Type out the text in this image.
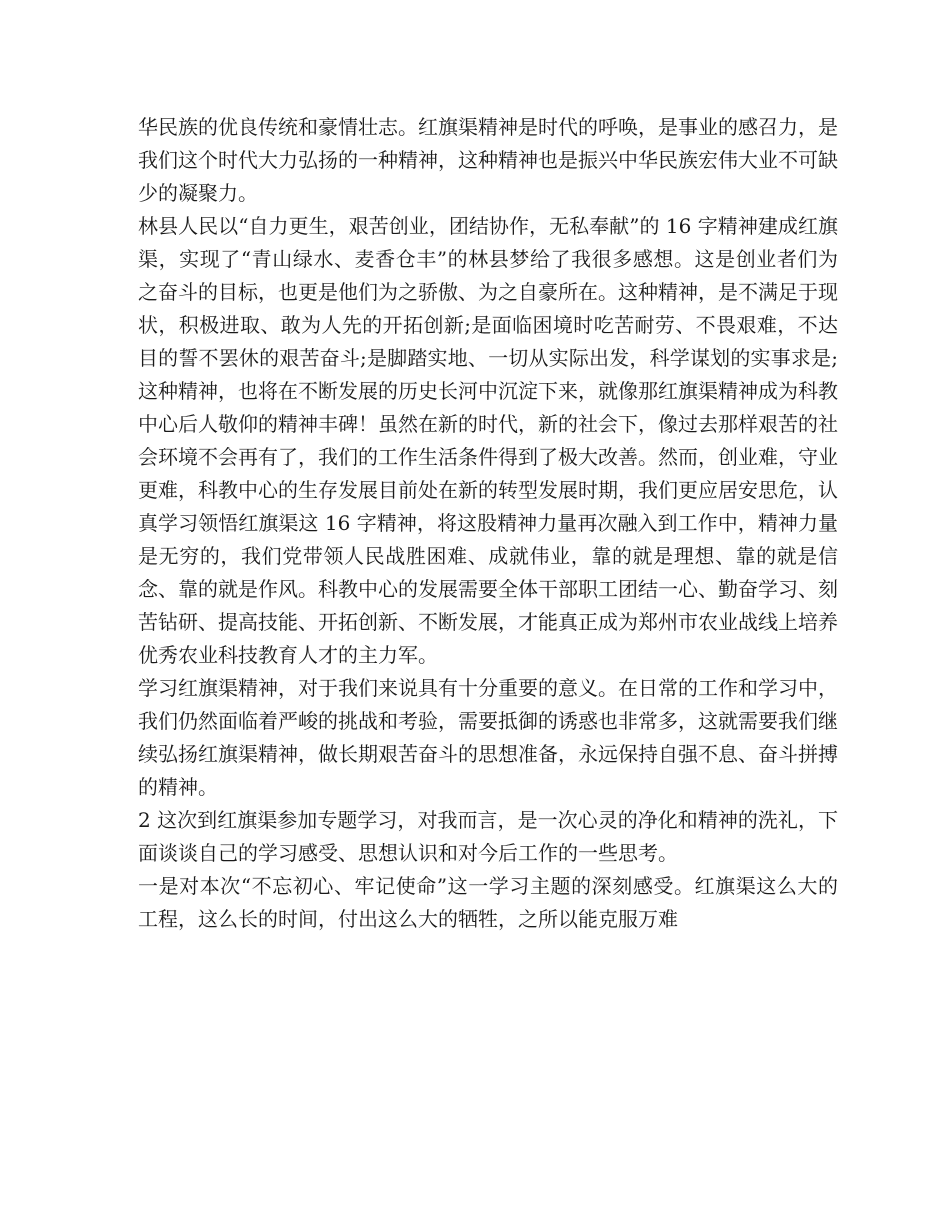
华民族的优良传统和豪情壮志。红旗渠精神是时代的呼唤，是事业的感召力，是我们这个时代大力弘扬的一种精神，这种精神也是振兴中华民族宏伟大业不可缺少的凝聚力。

林县人民以“自力更生，艰苦创业，团结协作，无私奉献”的 16 字精神建成红旗渠，实现了“青山绿水、麦香仓丰”的林县梦给了我很多感想。这是创业者们为之奋斗的目标，也更是他们为之骄傲、为之自豪所在。这种精神，是不满足于现状，积极进取、敢为人先的开拓创新;是面临困境时吃苦耐劳、不畏艰难，不达目的誓不罢休的艰苦奋斗;是脚踏实地、一切从实际出发，科学谋划的实事求是;这种精神，也将在不断发展的历史长河中沉淀下来，就像那红旗渠精神成为科教中心后人敬仰的精神丰碑！虽然在新的时代，新的社会下，像过去那样艰苦的社会环境不会再有了，我们的工作生活条件得到了极大改善。然而，创业难，守业更难，科教中心的生存发展目前处在新的转型发展时期，我们更应居安思危，认真学习领悟红旗渠这 16 字精神，将这股精神力量再次融入到工作中，精神力量是无穷的，我们党带领人民战胜困难、成就伟业，靠的就是理想、靠的就是信念、靠的就是作风。科教中心的发展需要全体干部职工团结一心、勤奋学习、刻苦钻研、提高技能、开拓创新、不断发展，才能真正成为郑州市农业战线上培养优秀农业科技教育人才的主力军。

学习红旗渠精神，对于我们来说具有十分重要的意义。在日常的工作和学习中，我们仍然面临着严峻的挑战和考验，需要抵御的诱惑也非常多，这就需要我们继续弘扬红旗渠精神，做长期艰苦奋斗的思想准备，永远保持自强不息、奋斗拼搏的精神。

2 这次到红旗渠参加专题学习，对我而言，是一次心灵的净化和精神的洗礼，下面谈谈自己的学习感受、思想认识和对今后工作的一些思考。

一是对本次“不忘初心、牢记使命”这一学习主题的深刻感受。红旗渠这么大的工程，这么长的时间，付出这么大的牺牲，之所以能克服万难
